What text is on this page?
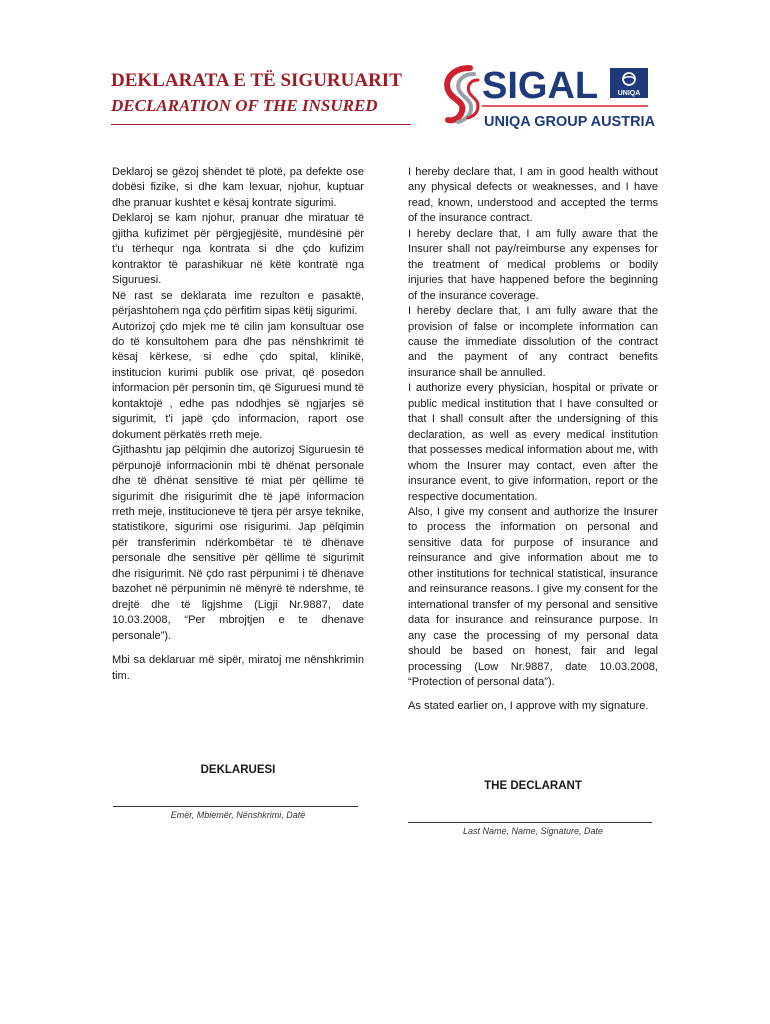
DEKLARATA E TË SIGURUARIT
DECLARATION OF THE INSURED	SIGAL	UNIQA
UNIQA GROUP AUSTRIA

Deklaroj se gëzoj shëndet të plotë, pa defekte ose dobësi fizike, si dhe kam lexuar, njohur, kuptuar dhe pranuar kushtet e kësaj kontrate sigurimi.

Deklaroj se kam njohur, pranuar dhe miratuar të gjitha kufizimet për përgjegjësitë, mundësinë për t'u tërhequr nga kontrata si dhe çdo kufizim kontraktor të parashikuar në këtë kontratë nga Siguruesi.

Në rast se deklarata ime rezulton e pasaktë, përjashtohem nga çdo përfitim sipas këtij sigurimi.

Autorizoj çdo mjek me të cilin jam konsultuar ose do të konsultohem para dhe pas nënshkrimit të kësaj kërkese, si edhe çdo spital, klinikë, institucion kurimi publik ose privat, që posedon informacion për personin tim, që Siguruesi mund të kontaktojë , edhe pas ndodhjes së ngjarjes së sigurimit, t'i japë çdo informacion, raport ose dokument përkatës rreth meje.

Gjithashtu jap pëlqimin dhe autorizoj Siguruesin të përpunojë informacionin mbi të dhënat personale dhe të dhënat sensitive të miat për qëllime të sigurimit dhe risigurimit dhe të japë informacion rreth meje, institucioneve të tjera për arsye teknike, statistikore, sigurimi ose risigurimi. Jap pëlqimin për transferimin ndërkombëtar të të dhënave personale dhe sensitive për qëllime të sigurimit dhe risigurimit. Në çdo rast përpunimi i të dhënave bazohet në përpunimin në mënyrë të ndershme, të drejtë dhe të ligjshme (Ligji Nr.9887, date 10.03.2008, “Per mbrojtjen e te dhenave personale”).

Mbi sa deklaruar më sipër, miratoj me nënshkrimin tim.

I hereby declare that, I am in good health without any physical defects or weaknesses, and I have read, known, understood and accepted the terms of the insurance contract.

I hereby declare that, I am fully aware that the Insurer shall not pay/reimburse any expenses for the treatment of medical problems or bodily injuries that have happened before the beginning of the insurance coverage.

I hereby declare that, I am fully aware that the provision of false or incomplete information can cause the immediate dissolution of the contract and the payment of any contract benefits insurance shall be annulled.

I authorize every physician, hospital or private or public medical institution that I have consulted or that I shall consult after the undersigning of this declaration, as well as every medical institution that possesses medical information about me, with whom the Insurer may contact, even after the insurance event, to give information, report or the respective documentation.

Also, I give my consent and authorize the Insurer to process the information on personal and sensitive data for purpose of insurance and reinsurance and give information about me to other institutions for technical statistical, insurance and reinsurance reasons. I give my consent for the international transfer of my personal and sensitive data for insurance and reinsurance purpose. In any case the processing of my personal data should be based on honest, fair and legal processing (Low Nr.9887, date 10.03.2008, “Protection of personal data”).

As stated earlier on, I approve with my signature.

DEKLARUESI
Emër, Mbiemër, Nënshkrimi, Datë
THE DECLARANT
Last Name, Name, Signature, Date
